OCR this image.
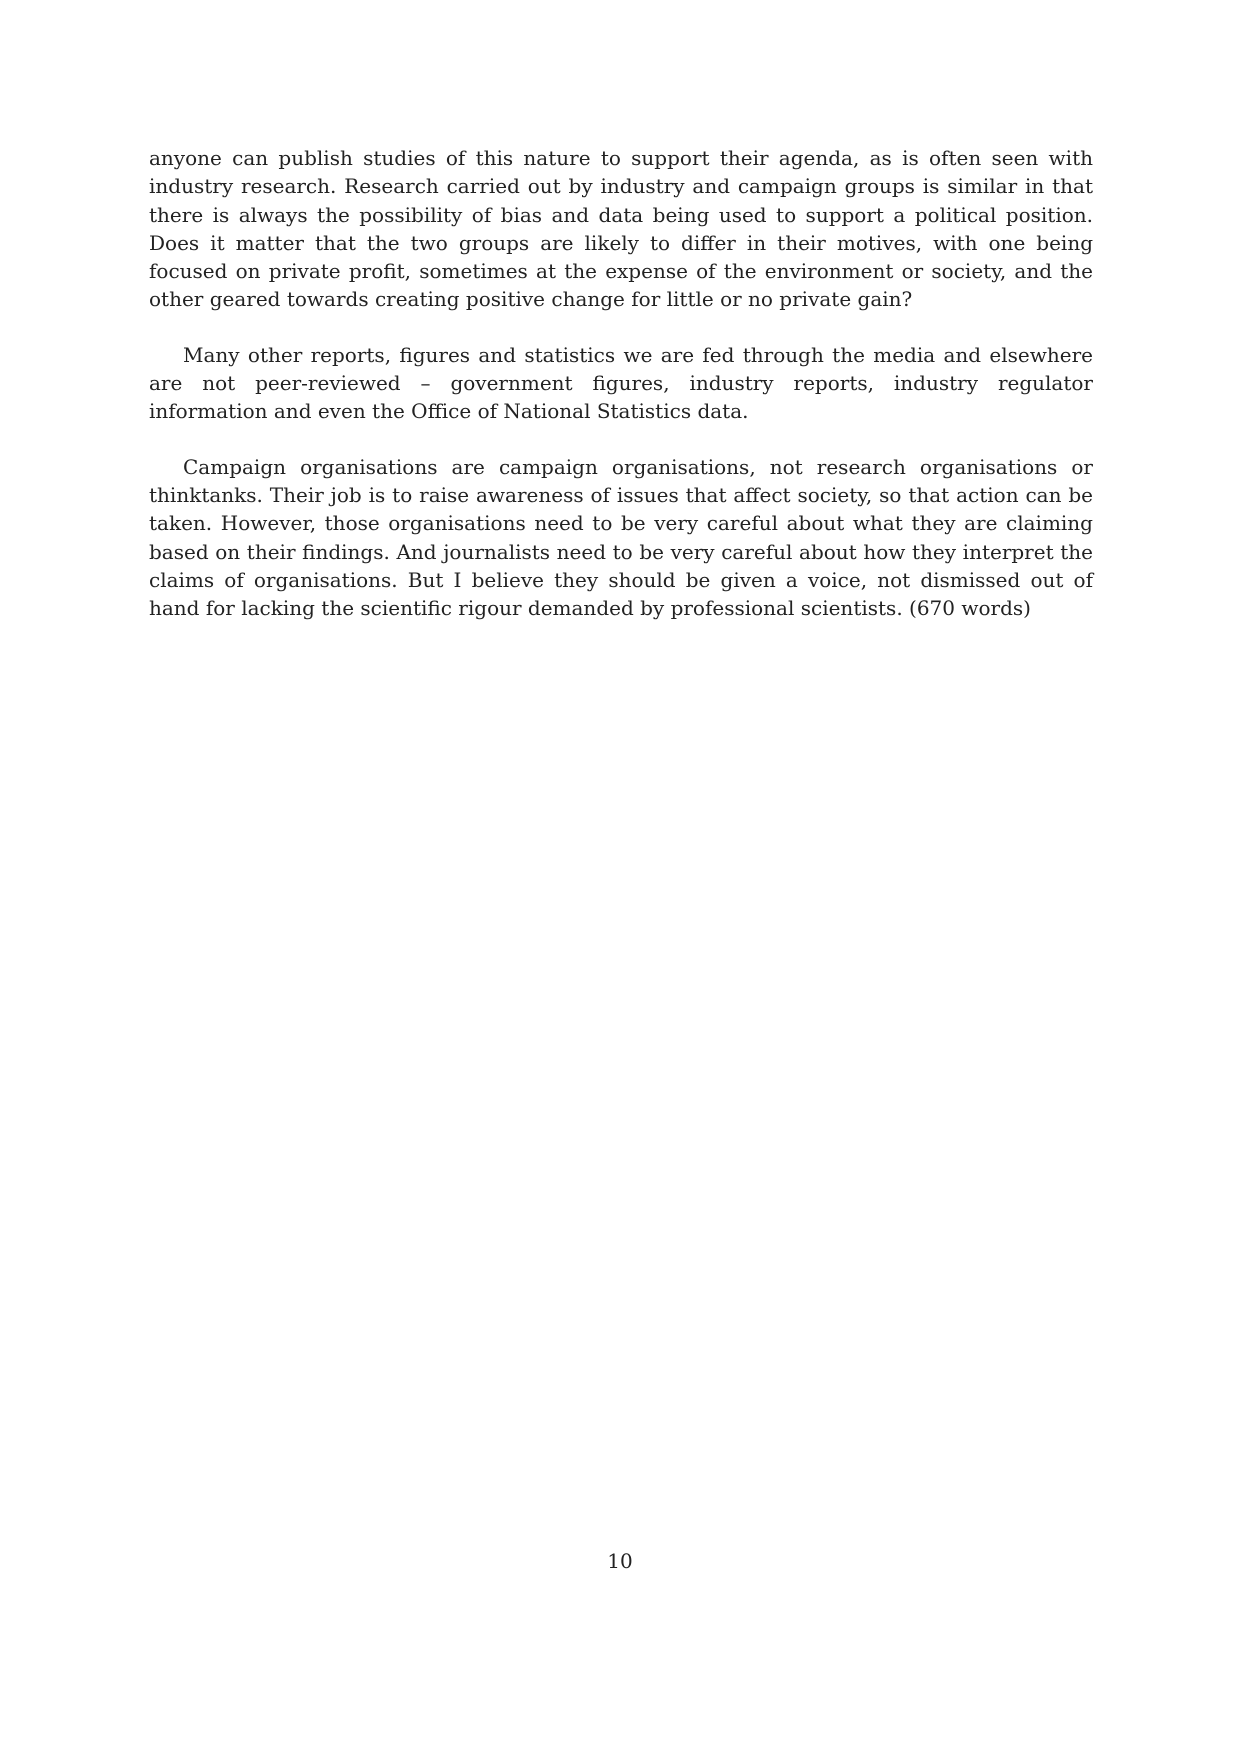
anyone can publish studies of this nature to support their agenda, as is often seen with industry research. Research carried out by industry and campaign groups is similar in that there is always the possibility of bias and data being used to support a political position. Does it matter that the two groups are likely to differ in their motives, with one being focused on private profit, sometimes at the expense of the environment or society, and the other geared towards creating positive change for little or no private gain?

Many other reports, figures and statistics we are fed through the media and elsewhere are not peer-reviewed – government figures, industry reports, industry regulator information and even the Office of National Statistics data.

Campaign organisations are campaign organisations, not research organisations or thinktanks. Their job is to raise awareness of issues that affect society, so that action can be taken. However, those organisations need to be very careful about what they are claiming based on their findings. And journalists need to be very careful about how they interpret the claims of organisations. But I believe they should be given a voice, not dismissed out of hand for lacking the scientific rigour demanded by professional scientists. (670 words)

10
